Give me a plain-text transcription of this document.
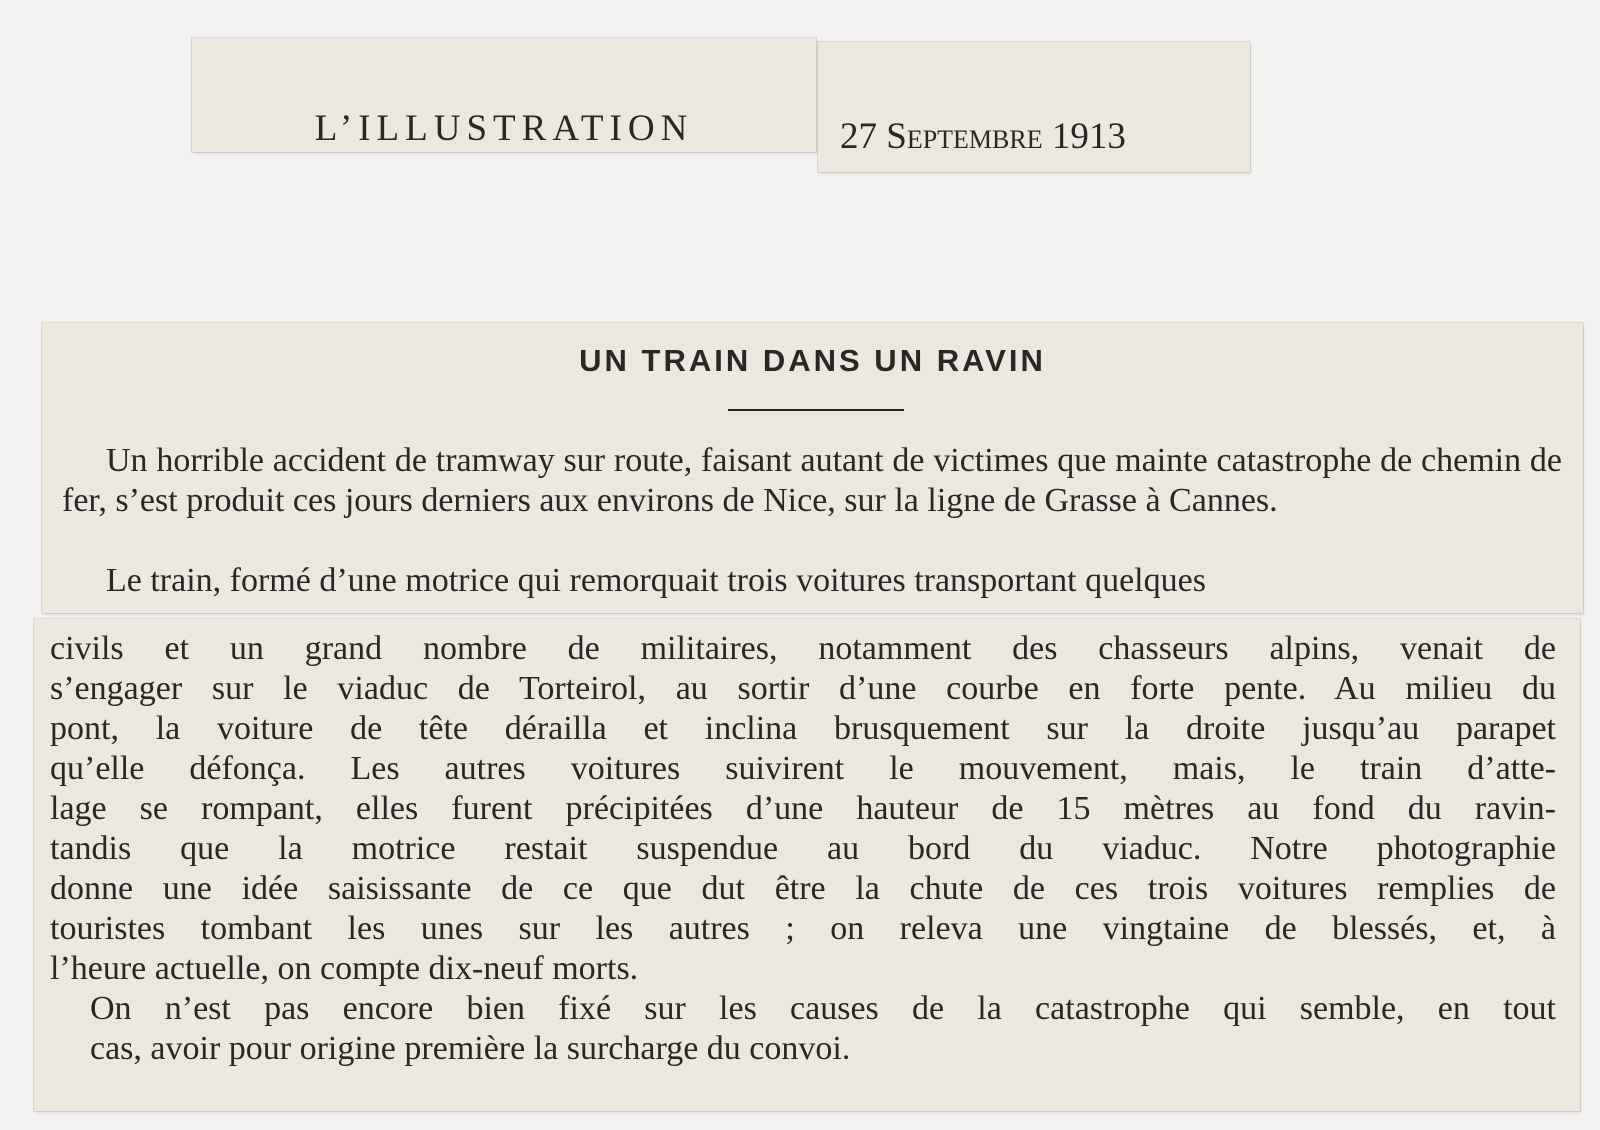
L’ILLUSTRATION	27 Septembre 1913
UN TRAIN DANS UN RAVIN
Un horrible accident de tramway sur route, faisant autant de victimes que mainte catastrophe de chemin de fer, s’est produit ces jours derniers aux environs de Nice, sur la ligne de Grasse à Cannes.
Le train, formé d’une motrice qui remorquait trois voitures transportant quelques
civils et un grand nombre de militaires, notamment des chasseurs alpins, venait de
s’engager sur le viaduc de Torteirol, au sortir d’une courbe en forte pente. Au milieu du
pont, la voiture de tête dérailla et inclina brusquement sur la droite jusqu’au parapet
qu’elle défonça. Les autres voitures suivirent le mouvement, mais, le train d’atte-
lage se rompant, elles furent précipitées d’une hauteur de 15 mètres au fond du ravin-
tandis que la motrice restait suspendue au bord du viaduc. Notre photographie
donne une idée saisissante de ce que dut être la chute de ces trois voitures remplies de
touristes tombant les unes sur les autres ; on releva une vingtaine de blessés, et, à
l’heure actuelle, on compte dix-neuf morts.
On n’est pas encore bien fixé sur les causes de la catastrophe qui semble, en tout
cas, avoir pour origine première la surcharge du convoi.
